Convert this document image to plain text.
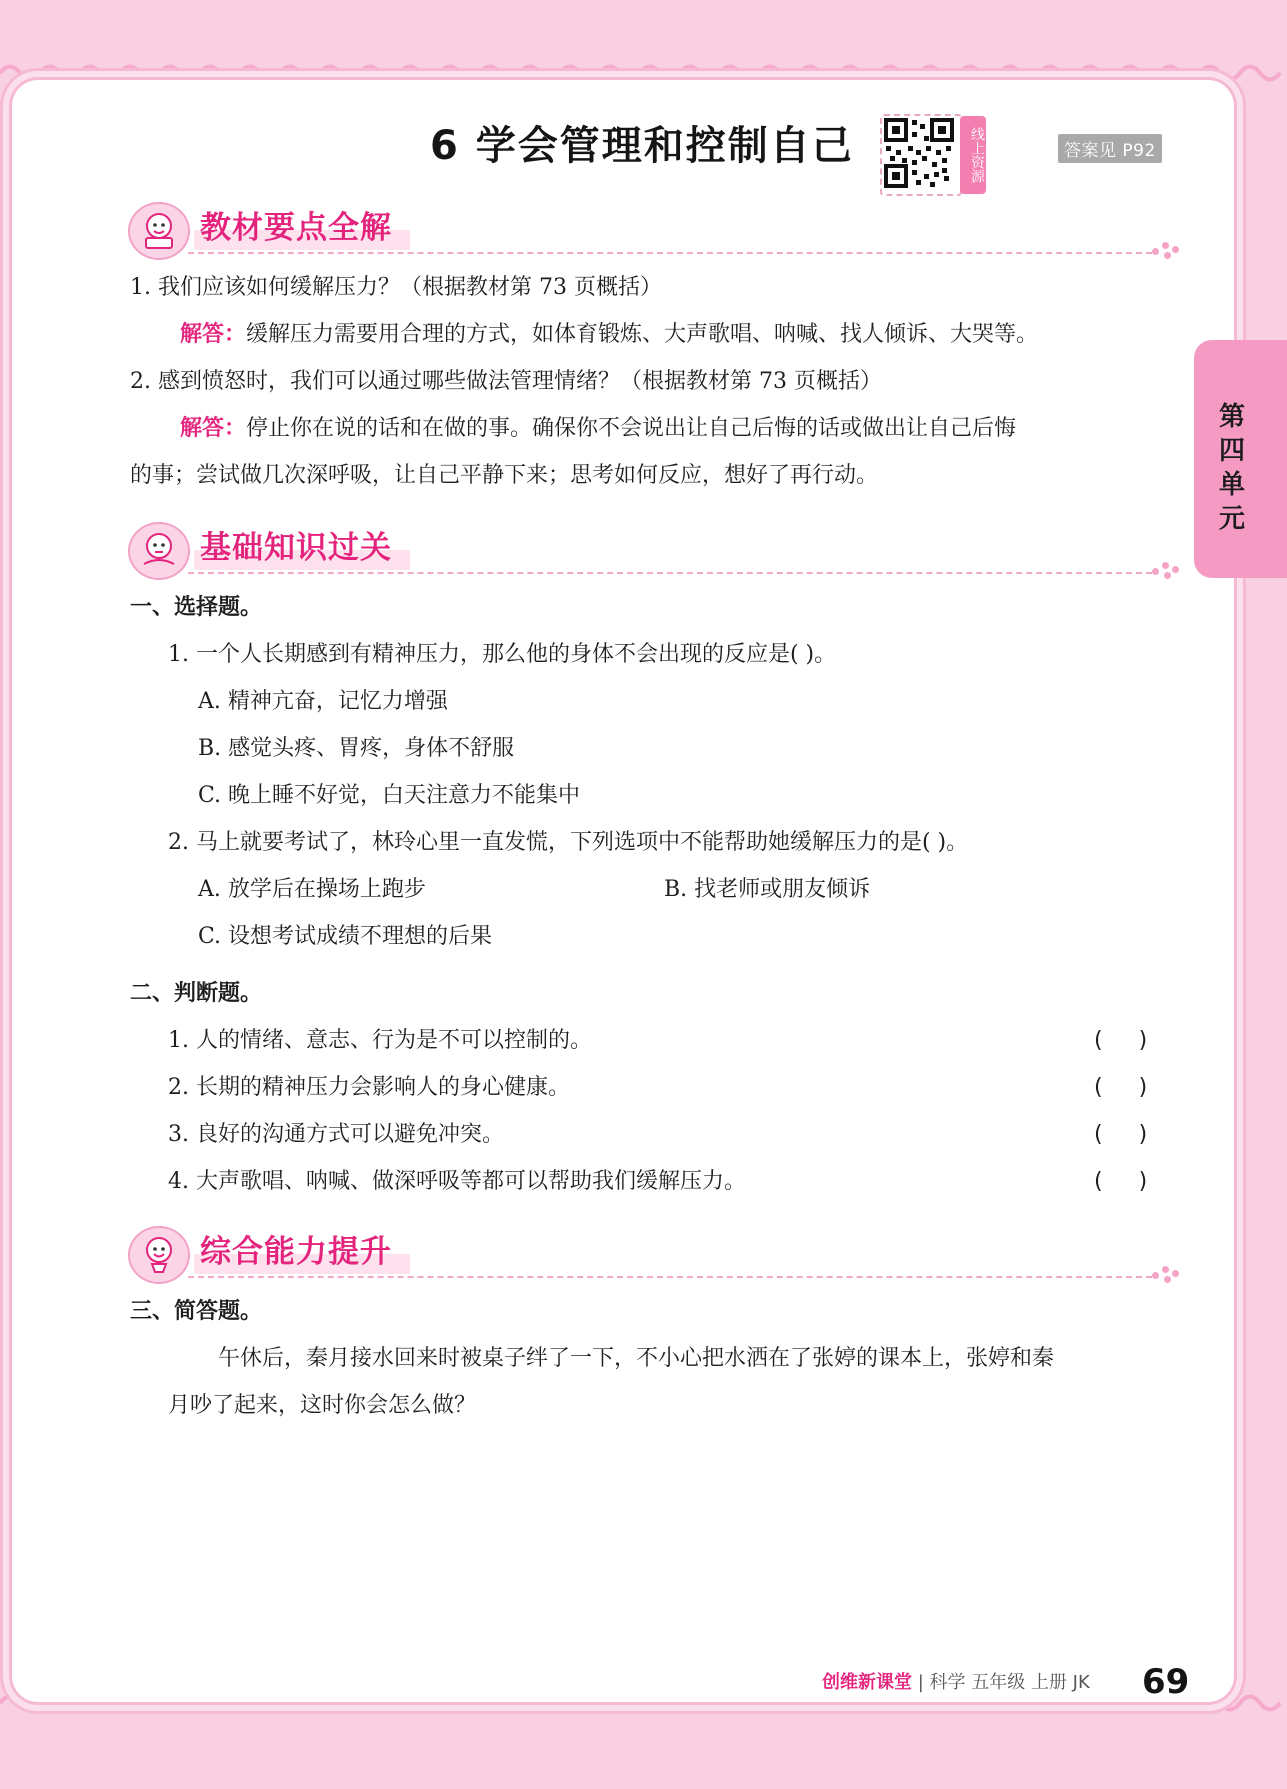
6 学会管理和控制自己	线上资源	答案见 P92
第四单元
教材要点全解
1. 我们应该如何缓解压力？（根据教材第 73 页概括）
解答：缓解压力需要用合理的方式，如体育锻炼、大声歌唱、呐喊、找人倾诉、大哭等。
2. 感到愤怒时，我们可以通过哪些做法管理情绪？（根据教材第 73 页概括）
解答：停止你在说的话和在做的事。确保你不会说出让自己后悔的话或做出让自己后悔
的事；尝试做几次深呼吸，让自己平静下来；思考如何反应，想好了再行动。
基础知识过关
一、选择题。
1. 一个人长期感到有精神压力，那么他的身体不会出现的反应是( )。
A. 精神亢奋，记忆力增强
B. 感觉头疼、胃疼，身体不舒服
C. 晚上睡不好觉，白天注意力不能集中
2. 马上就要考试了，林玲心里一直发慌，下列选项中不能帮助她缓解压力的是( )。
A. 放学后在操场上跑步	B. 找老师或朋友倾诉
C. 设想考试成绩不理想的后果
二、判断题。
1. 人的情绪、意志、行为是不可以控制的。	()
2. 长期的精神压力会影响人的身心健康。	()
3. 良好的沟通方式可以避免冲突。	()
4. 大声歌唱、呐喊、做深呼吸等都可以帮助我们缓解压力。	()
综合能力提升
三、简答题。
午休后，秦月接水回来时被桌子绊了一下，不小心把水洒在了张婷的课本上，张婷和秦
月吵了起来，这时你会怎么做？
创维新课堂 | 科学 五年级 上册 JK 69
